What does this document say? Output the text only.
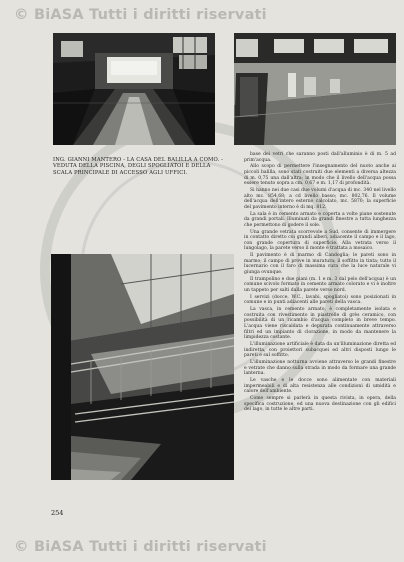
© BiASA Tutti i diritti riservati
ING. GIANNI MANTERO - LA CASA DEL BALILLA A COMO. - VEDUTA DELLA PISCINA, DEGLI SPOGLIATOI E DELLA SCALA PRINCIPALE DI ACCESSO AGLI UFFICI.

base dei vetri che saranno posti dall'alluminio è di m. 5 ad prim'acqua.

Allo scopo di permettere l'insegnamento del nuoto anche ai piccoli balilla, sono stati costruiti due elementi a diversa altezza di m. 0,75 una dall'altra; in modo che il livello dell'acqua possa essere tenuto sopra a cm. 0,67 e m. 1,17 di profondità.

Si hanno nei due casi due volumi d'acqua di mc. 340 nel livello alto mc. 854,68; a cd livello basso; mc. 802,76. Il volume dell'acqua dell'intero esterno calcolato, mc. 5870; la superficie del pavimento interno è di mq. 812.

La sala è in cemento armato e coperta a volte piane sostenute da grandi portali. Illuminati da grandi finestre a tutta lunghezza che permettono di godere il sole.

Una grande vetrata scorrevole a Sud, consente di immergere in contatto diretto coi grandi alberi, adiacente il campo e il lago, con grande copertura di superficie. Alla vetrata verso il lungolago, la parete verso il monte è trattata a mosaico.

Il pavimento è di marmo di Candoglia; le pareti sono in marmo; il campo di prove in muratura; il soffitto in tinta; tutto il lucernario con il faro di massima cura che la luce naturale vi giunga ovunque.

Il trampolino e due piani (m. 1 e m. 3 dal pelo dell'acqua) è un comune scivolo formato in cemento armato colorato e vi è inoltre un tappeto per salti dalla parete verso nord.

I servizi (docce, W.C., lavabi, spogliatoi) sono posizionati in comune e in punti adiacenti alle pareti della vasca.

La vasca, in cemento armato, è completamente isolata e costruita con rivestimento in piastrelle di grès ceramico, con possibilità di un ricambio d'acqua completo in breve tempo. L'acqua viene riscaldata e depurata continuamente attraverso filtri ed un impianto di clorazione, in modo da mantenere la limpidezza costante.

L'illuminazione artificiale è data da un'illuminazione diretta ed indiretta, con proiettori subacquei ed altri disposti lungo le pareti e sul soffitto.

L'illuminazione notturna avviene attraverso le grandi finestre e vetrate che danno sulla strada in modo da formare una grande lanterna.

Le vasche e le docce sono alimentate con materiali impermeabili e di alta resistenza alle condizioni di umidità e calore dell'ambiente.

Come sempre si parlerà in questa rivista, in opera, della specifica costruzione, ed una nuova destinazione con gli edifici del lago, in tutte le altre parti.

254
© BiASA Tutti i diritti riservati
